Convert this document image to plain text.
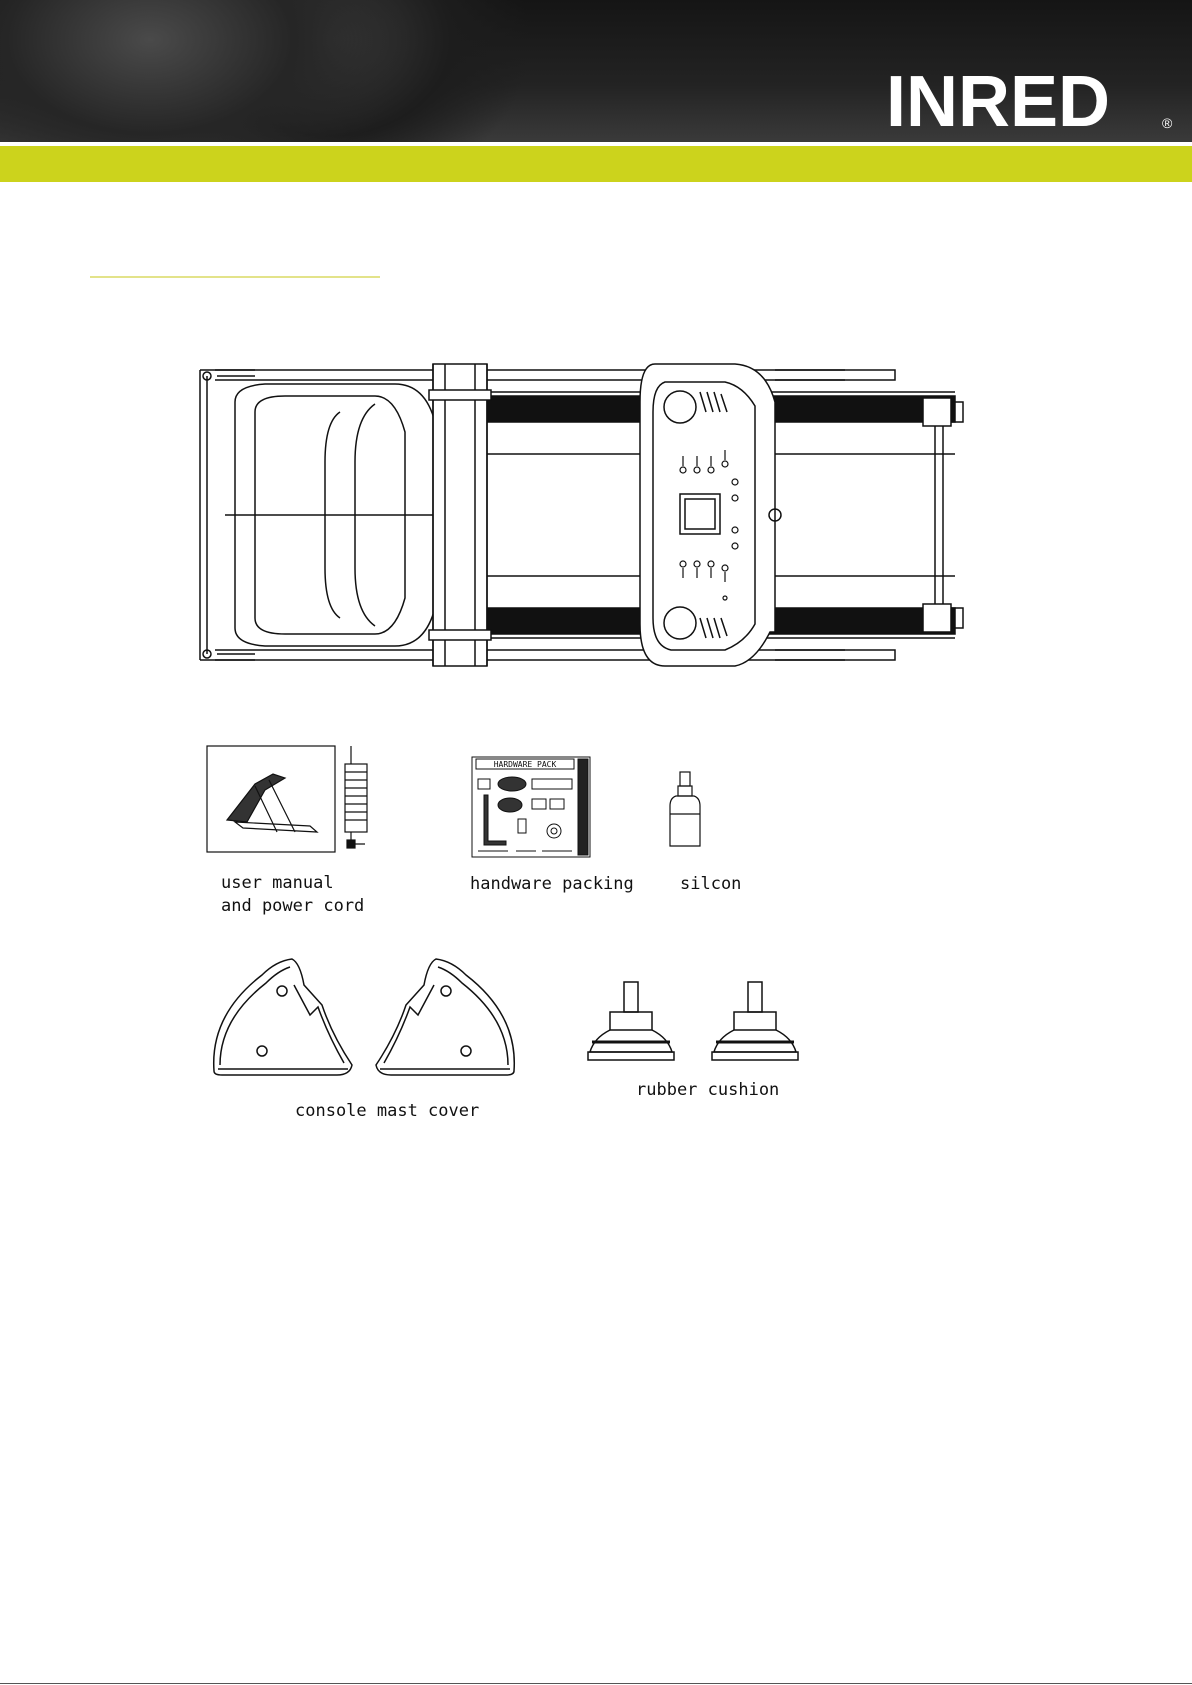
INRED	®
user manual
and power cord
HARDWARE PACK
handware packing	silcon
console mast cover
rubber cushion
